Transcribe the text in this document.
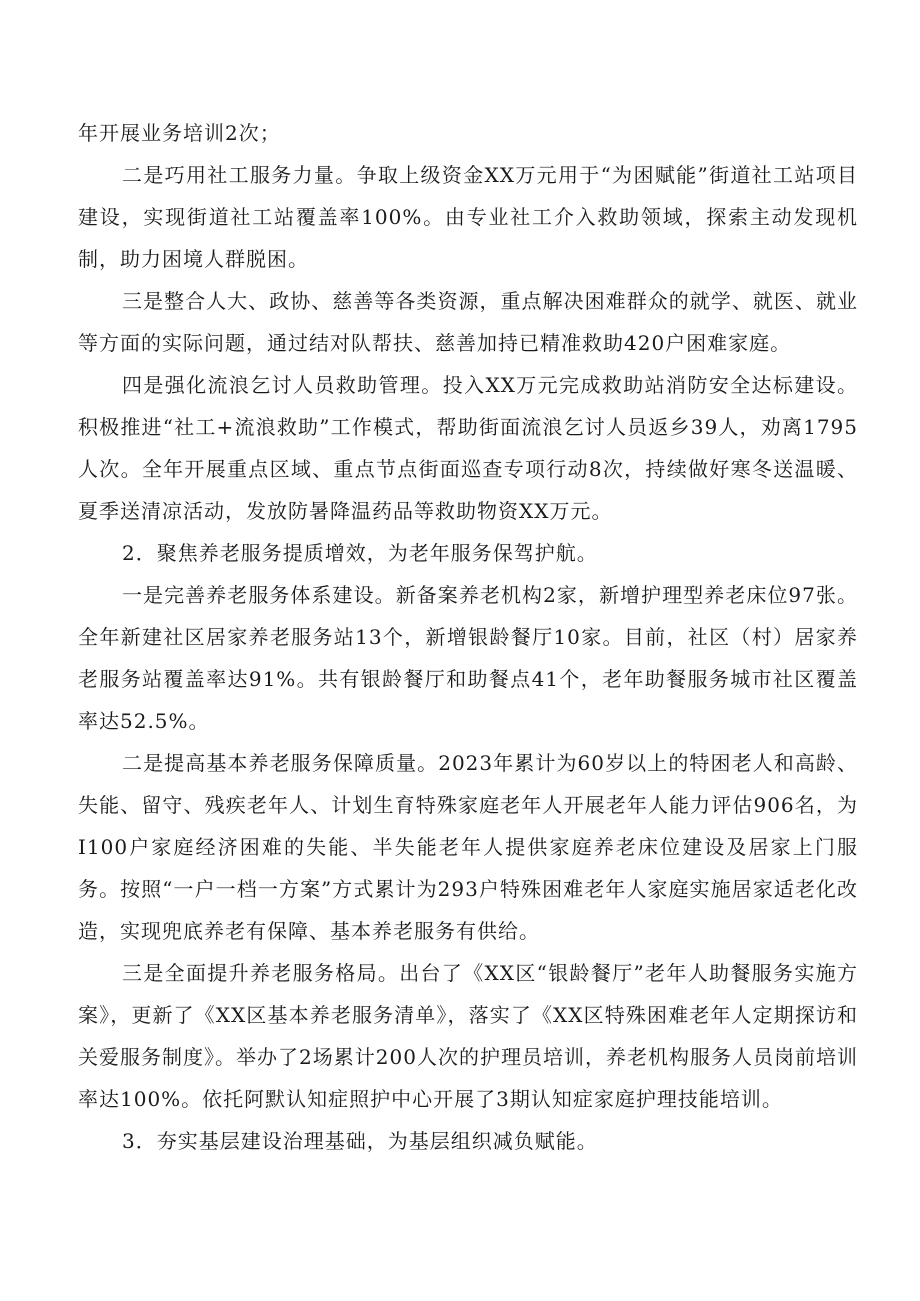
年开展业务培训2次；

二是巧用社工服务力量。争取上级资金XX万元用于“为困赋能”街道社工站项目建设，实现街道社工站覆盖率100%。由专业社工介入救助领域，探索主动发现机制，助力困境人群脱困。

三是整合人大、政协、慈善等各类资源，重点解决困难群众的就学、就医、就业等方面的实际问题，通过结对队帮扶、慈善加持已精准救助420户困难家庭。

四是强化流浪乞讨人员救助管理。投入XX万元完成救助站消防安全达标建设。积极推进“社工+流浪救助”工作模式，帮助街面流浪乞讨人员返乡39人，劝离1795人次。全年开展重点区域、重点节点街面巡查专项行动8次，持续做好寒冬送温暖、夏季送清凉活动，发放防暑降温药品等救助物资XX万元。

2．聚焦养老服务提质增效，为老年服务保驾护航。

一是完善养老服务体系建设。新备案养老机构2家，新增护理型养老床位97张。全年新建社区居家养老服务站13个，新增银龄餐厅10家。目前，社区（村）居家养老服务站覆盖率达91%。共有银龄餐厅和助餐点41个，老年助餐服务城市社区覆盖率达52.5%。

二是提高基本养老服务保障质量。2023年累计为60岁以上的特困老人和高龄、失能、留守、残疾老年人、计划生育特殊家庭老年人开展老年人能力评估906名，为I100户家庭经济困难的失能、半失能老年人提供家庭养老床位建设及居家上门服务。按照“一户一档一方案”方式累计为293户特殊困难老年人家庭实施居家适老化改造，实现兜底养老有保障、基本养老服务有供给。

三是全面提升养老服务格局。出台了《XX区“银龄餐厅”老年人助餐服务实施方案》，更新了《XX区基本养老服务清单》，落实了《XX区特殊困难老年人定期探访和关爱服务制度》。举办了2场累计200人次的护理员培训，养老机构服务人员岗前培训率达100%。依托阿默认知症照护中心开展了3期认知症家庭护理技能培训。

3．夯实基层建设治理基础，为基层组织减负赋能。
